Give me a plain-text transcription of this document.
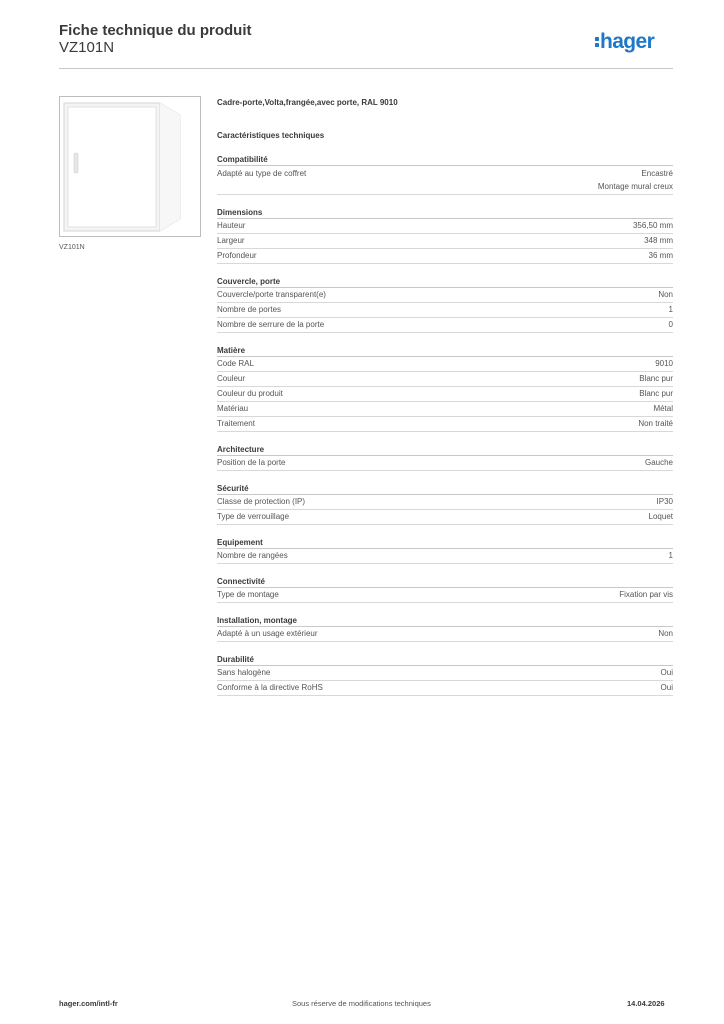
Fiche technique du produit
VZ101N	hager
VZ101N
Cadre-porte,Volta,frangée,avec porte, RAL 9010
Caractéristiques techniques
Compatibilité
Adapté au type de coffret	Encastré
Montage mural creux
Dimensions
Hauteur	356,50 mm
Largeur	348 mm
Profondeur	36 mm
Couvercle, porte
Couvercle/porte transparent(e)	Non
Nombre de portes	1
Nombre de serrure de la porte	0
Matière
Code RAL	9010
Couleur	Blanc pur
Couleur du produit	Blanc pur
Matériau	Métal
Traitement	Non traité
Architecture
Position de la porte	Gauche
Sécurité
Classe de protection (IP)	IP30
Type de verrouillage	Loquet
Equipement
Nombre de rangées	1
Connectivité
Type de montage	Fixation par vis
Installation, montage
Adapté à un usage extérieur	Non
Durabilité
Sans halogène	Oui
Conforme à la directive RoHS	Oui
hager.com/intl-fr	Sous réserve de modifications techniques	14.04.2026
